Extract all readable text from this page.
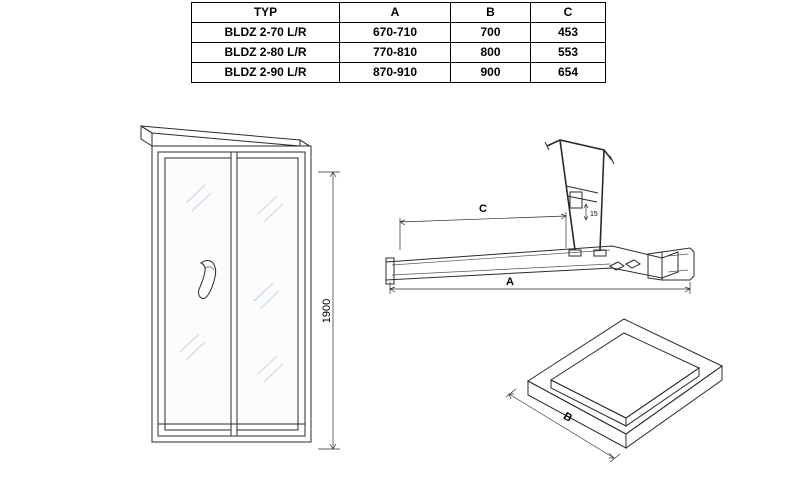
TYP	A	B	C
BLDZ 2-70 L/R	670-710	700	453
BLDZ 2-80 L/R	770-810	800	553
BLDZ 2-90 L/R	870-910	900	654
1900
15
C
A
B
